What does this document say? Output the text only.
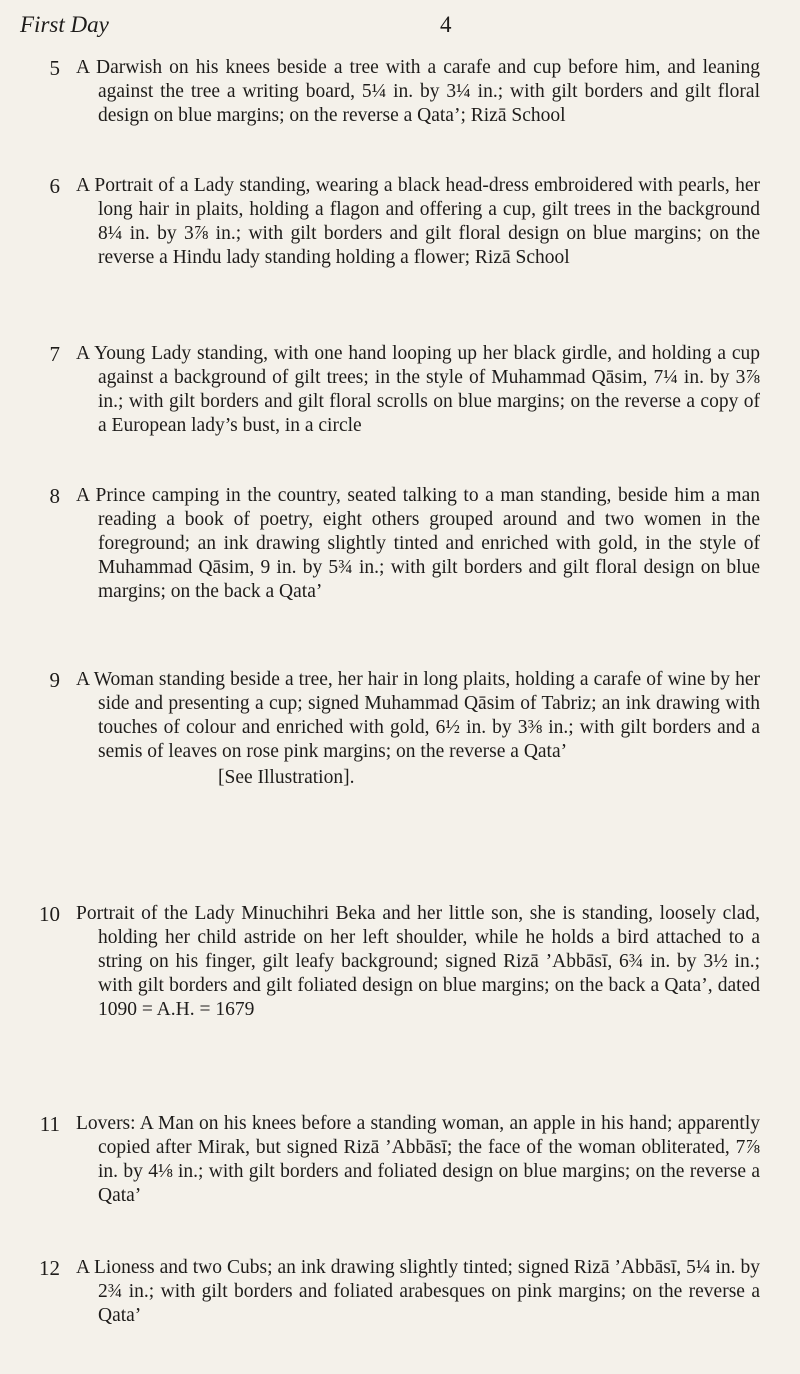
First Day	4
5 A Darwish on his knees beside a tree with a carafe and cup before him, and leaning against the tree a writing board, 5¼ in. by 3¼ in.; with gilt borders and gilt floral design on blue margins; on the reverse a Qata’; Rizā School
6 A Portrait of a Lady standing, wearing a black head-dress embroidered with pearls, her long hair in plaits, holding a flagon and offering a cup, gilt trees in the background 8¼ in. by 3⅞ in.; with gilt borders and gilt floral design on blue margins; on the reverse a Hindu lady standing holding a flower; Rizā School
7 A Young Lady standing, with one hand looping up her black girdle, and holding a cup against a background of gilt trees; in the style of Muhammad Qāsim, 7¼ in. by 3⅞ in.; with gilt borders and gilt floral scrolls on blue margins; on the reverse a copy of a European lady’s bust, in a circle
8 A Prince camping in the country, seated talking to a man standing, beside him a man reading a book of poetry, eight others grouped around and two women in the foreground; an ink drawing slightly tinted and enriched with gold, in the style of Muhammad Qāsim, 9 in. by 5¾ in.; with gilt borders and gilt floral design on blue margins; on the back a Qata’
9 A Woman standing beside a tree, her hair in long plaits, holding a carafe of wine by her side and presenting a cup; signed Muhammad Qāsim of Tabriz; an ink drawing with touches of colour and enriched with gold, 6½ in. by 3⅜ in.; with gilt borders and a semis of leaves on rose pink margins; on the reverse a Qata’
[See Illustration].
10 Portrait of the Lady Minuchihri Beka and her little son, she is standing, loosely clad, holding her child astride on her left shoulder, while he holds a bird attached to a string on his finger, gilt leafy background; signed Rizā ’Abbāsī, 6¾ in. by 3½ in.; with gilt borders and gilt foliated design on blue margins; on the back a Qata’, dated 1090 = A.H. = 1679
11 Lovers: A Man on his knees before a standing woman, an apple in his hand; apparently copied after Mirak, but signed Rizā ’Abbāsī; the face of the woman obliterated, 7⅞ in. by 4⅛ in.; with gilt borders and foliated design on blue margins; on the reverse a Qata’
12 A Lioness and two Cubs; an ink drawing slightly tinted; signed Rizā ’Abbāsī, 5¼ in. by 2¾ in.; with gilt borders and foliated arabesques on pink margins; on the reverse a Qata’
